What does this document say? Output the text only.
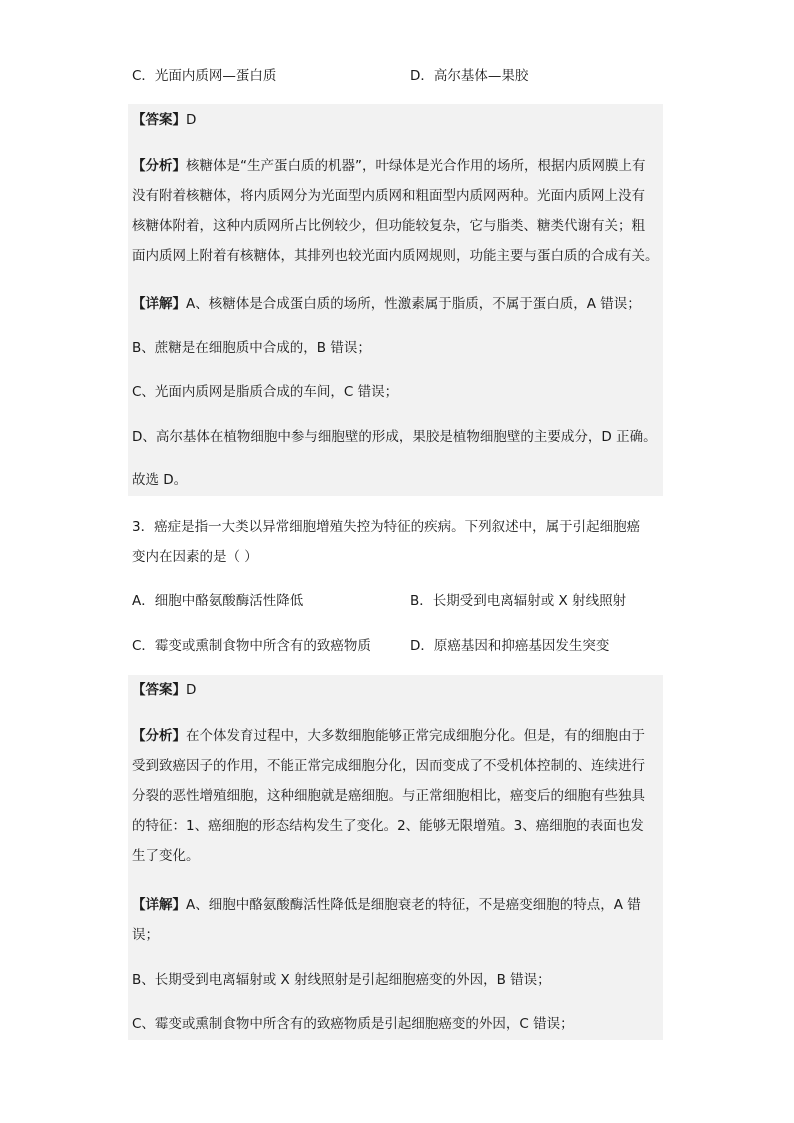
C．光面内质网—蛋白质	D．高尔基体—果胶
【答案】D
【分析】核糖体是“生产蛋白质的机器”，叶绿体是光合作用的场所，根据内质网膜上有
没有附着核糖体，将内质网分为光面型内质网和粗面型内质网两种。光面内质网上没有
核糖体附着，这种内质网所占比例较少，但功能较复杂，它与脂类、糖类代谢有关；粗
面内质网上附着有核糖体，其排列也较光面内质网规则，功能主要与蛋白质的合成有关。
【详解】A、核糖体是合成蛋白质的场所，性激素属于脂质，不属于蛋白质，A 错误；
B、蔗糖是在细胞质中合成的，B 错误；
C、光面内质网是脂质合成的车间，C 错误；
D、高尔基体在植物细胞中参与细胞壁的形成，果胶是植物细胞壁的主要成分，D 正确。
故选 D。
3．癌症是指一大类以异常细胞增殖失控为特征的疾病。下列叙述中，属于引起细胞癌
变内在因素的是（ ）
A．细胞中酪氨酸酶活性降低	B．长期受到电离辐射或 X 射线照射
C．霉变或熏制食物中所含有的致癌物质	D．原癌基因和抑癌基因发生突变
【答案】D
【分析】在个体发育过程中，大多数细胞能够正常完成细胞分化。但是，有的细胞由于
受到致癌因子的作用，不能正常完成细胞分化，因而变成了不受机体控制的、连续进行
分裂的恶性增殖细胞，这种细胞就是癌细胞。与正常细胞相比，癌变后的细胞有些独具
的特征：1、癌细胞的形态结构发生了变化。2、能够无限增殖。3、癌细胞的表面也发
生了变化。
【详解】A、细胞中酪氨酸酶活性降低是细胞衰老的特征，不是癌变细胞的特点，A 错
误；
B、长期受到电离辐射或 X 射线照射是引起细胞癌变的外因，B 错误；
C、霉变或熏制食物中所含有的致癌物质是引起细胞癌变的外因，C 错误；
